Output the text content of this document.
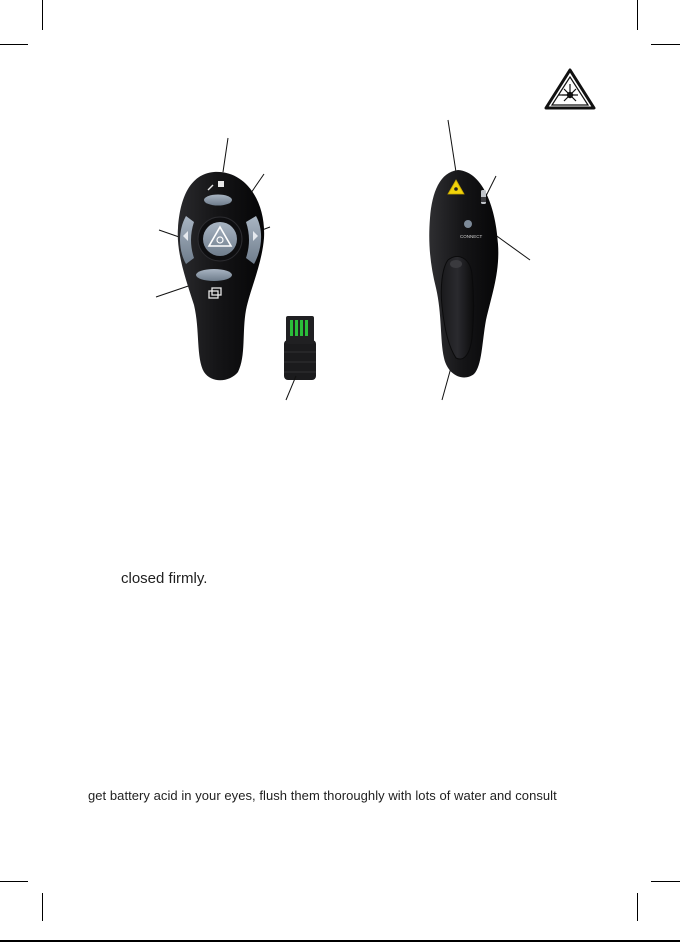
CONNECT
closed firmly.
get battery acid in your eyes, flush them thoroughly with lots of water and consult
